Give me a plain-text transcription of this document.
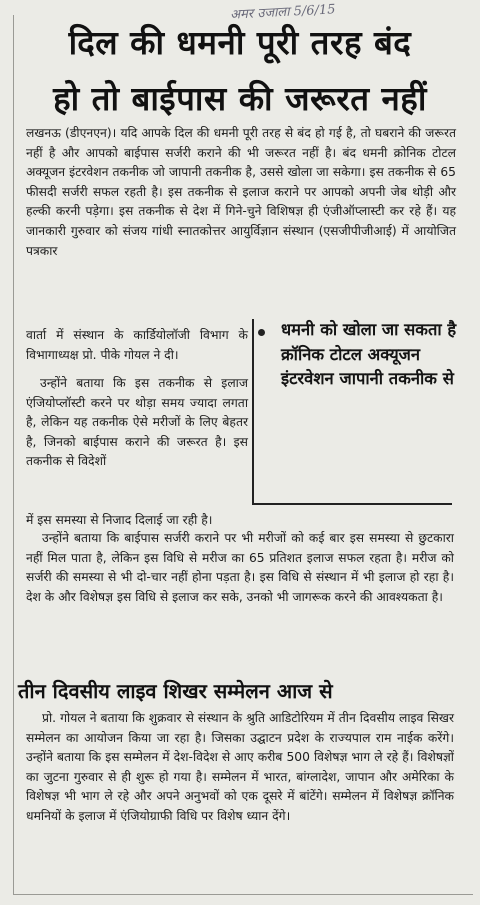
अमर उजाला 5/6/15
दिल की धमनी पूरी तरह बंद
हो तो बाईपास की जरूरत नहीं

लखनऊ (डीएनएन)। यदि आपके दिल की धमनी पूरी तरह से बंद हो गई है, तो घबराने की जरूरत नहीं है और आपको बाईपास सर्जरी कराने की भी जरूरत नहीं है। बंद धमनी क्रोनिक टोटल अक्यूजन इंटरवेशन तकनीक जो जापानी तकनीक है, उससे खोला जा सकेगा। इस तकनीक से 65 फीसदी सर्जरी सफल रहती है। इस तकनीक से इलाज कराने पर आपको अपनी जेब थोड़ी और हल्की करनी पड़ेगा। इस तकनीक से देश में गिने-चुने विशिषज्ञ ही एंजीऑप्लास्टी कर रहे हैं। यह जानकारी गुरुवार को संजय गांधी स्नातकोत्तर आयुर्विज्ञान संस्थान (एसजीपीजीआई) में आयोजित पत्रकार

वार्ता में संस्थान के कार्डियोलॉजी विभाग के विभागाध्यक्ष प्रो. पीके गोयल ने दी।

उन्होंने बताया कि इस तकनीक से इलाज एंजियोप्लॉस्टी करने पर थोड़ा समय ज्यादा लगता है, लेकिन यह तकनीक ऐसे मरीजों के लिए बेहतर है, जिनको बाईपास कराने की जरूरत है। इस तकनीक से विदेशों

धमनी को खोला जा सकता है क्रॉनिक टोटल अक्यूजन इंटरवेशन जापानी तकनीक से

में इस समस्या से निजाद दिलाई जा रही है।

उन्होंने बताया कि बाईपास सर्जरी कराने पर भी मरीजों को कई बार इस समस्या से छुटकारा नहीं मिल पाता है, लेकिन इस विधि से मरीज का 65 प्रतिशत इलाज सफल रहता है। मरीज को सर्जरी की समस्या से भी दो-चार नहीं होना पड़ता है। इस विधि से संस्थान में भी इलाज हो रहा है। देश के और विशेषज्ञ इस विधि से इलाज कर सके, उनको भी जागरूक करने की आवश्यकता है।

तीन दिवसीय लाइव शिखर सम्मेलन आज से

प्रो. गोयल ने बताया कि शुक्रवार से संस्थान के श्रुति आडिटोरियम में तीन दिवसीय लाइव सिखर सम्मेलन का आयोजन किया जा रहा है। जिसका उद्घाटन प्रदेश के राज्यपाल राम नाईक करेंगे। उन्होंने बताया कि इस सम्मेलन में देश-विदेश से आए करीब 500 विशेषज्ञ भाग ले रहे हैं। विशेषज्ञों का जुटना गुरुवार से ही शुरू हो गया है। सम्मेलन में भारत, बांग्लादेश, जापान और अमेरिका के विशेषज्ञ भी भाग ले रहे और अपने अनुभवों को एक दूसरे में बांटेंगे। सम्मेलन में विशेषज्ञ क्रॉनिक धमनियों के इलाज में एंजियोग्राफी विधि पर विशेष ध्यान देंगे।
